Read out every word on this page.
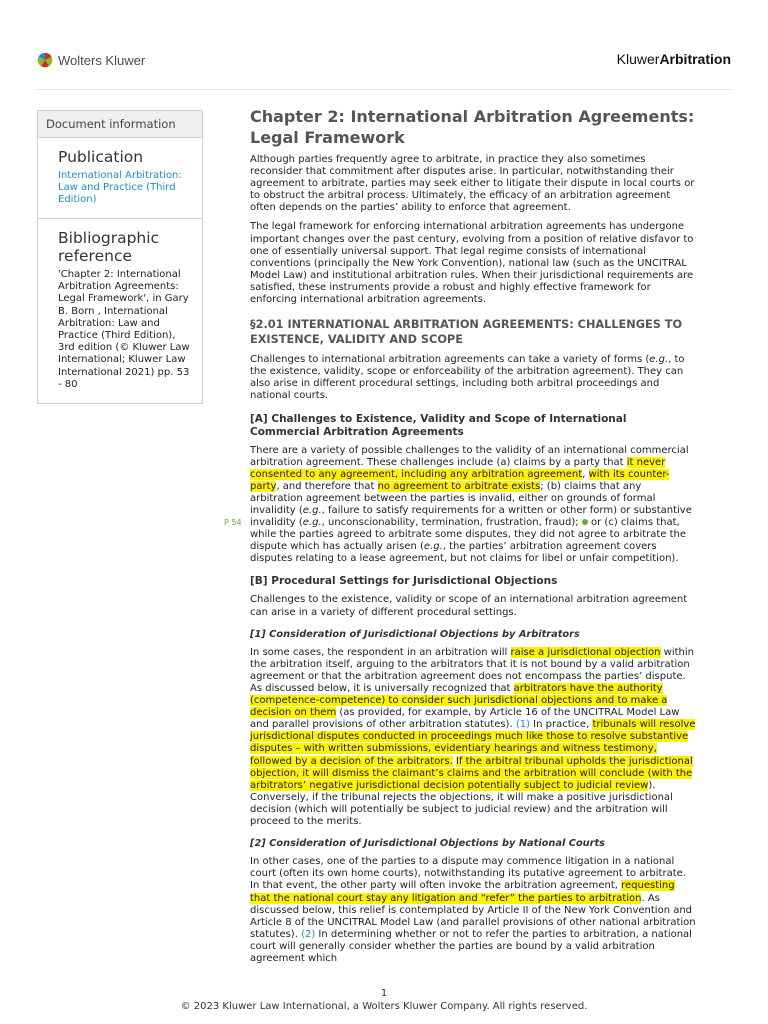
Wolters Kluwer	KluwerArbitration
Document information
Publication
International Arbitration: Law and Practice (Third Edition)
Bibliographic reference
'Chapter 2: International Arbitration Agreements: Legal Framework', in Gary B. Born , International Arbitration: Law and Practice (Third Edition), 3rd edition (© Kluwer Law International; Kluwer Law International 2021) pp. 53 - 80
Chapter 2: International Arbitration Agreements: Legal Framework

Although parties frequently agree to arbitrate, in practice they also sometimes reconsider that commitment after disputes arise. In particular, notwithstanding their agreement to arbitrate, parties may seek either to litigate their dispute in local courts or to obstruct the arbitral process. Ultimately, the efficacy of an arbitration agreement often depends on the parties’ ability to enforce that agreement.

The legal framework for enforcing international arbitration agreements has undergone important changes over the past century, evolving from a position of relative disfavor to one of essentially universal support. That legal regime consists of international conventions (principally the New York Convention), national law (such as the UNCITRAL Model Law) and institutional arbitration rules. When their jurisdictional requirements are satisfied, these instruments provide a robust and highly effective framework for enforcing international arbitration agreements.

§2.01 INTERNATIONAL ARBITRATION AGREEMENTS: CHALLENGES TO EXISTENCE, VALIDITY AND SCOPE

Challenges to international arbitration agreements can take a variety of forms (e.g., to the existence, validity, scope or enforceability of the arbitration agreement). They can also arise in different procedural settings, including both arbitral proceedings and national courts.

[A] Challenges to Existence, Validity and Scope of International Commercial Arbitration Agreements

There are a variety of possible challenges to the validity of an international commercial arbitration agreement. These challenges include (a) claims by a party that it never consented to any agreement, including any arbitration agreement, with its counter-party, and therefore that no agreement to arbitrate exists; (b) claims that any arbitration agreement between the parties is invalid, either on grounds of formal invalidity (e.g., failure to satisfy requirements for a written or other form) or substantive invalidity (e.g., unconscionability, termination, frustration, fraud);  or (c) claims that, while the parties agreed to arbitrate some disputes, they did not agree to arbitrate the dispute which has actually arisen (e.g., the parties’ arbitration agreement covers disputes relating to a lease agreement, but not claims for libel or unfair competition).
P 54

[B] Procedural Settings for Jurisdictional Objections

Challenges to the existence, validity or scope of an international arbitration agreement can arise in a variety of different procedural settings.

[1] Consideration of Jurisdictional Objections by Arbitrators

In some cases, the respondent in an arbitration will raise a jurisdictional objection within the arbitration itself, arguing to the arbitrators that it is not bound by a valid arbitration agreement or that the arbitration agreement does not encompass the parties’ dispute. As discussed below, it is universally recognized that arbitrators have the authority (competence-competence) to consider such jurisdictional objections and to make a decision on them (as provided, for example, by Article 16 of the UNCITRAL Model Law and parallel provisions of other arbitration statutes). (1) In practice, tribunals will resolve jurisdictional disputes conducted in proceedings much like those to resolve substantive disputes – with written submissions, evidentiary hearings and witness testimony, followed by a decision of the arbitrators. If the arbitral tribunal upholds the jurisdictional objection, it will dismiss the claimant’s claims and the arbitration will conclude (with the arbitrators’ negative jurisdictional decision potentially subject to judicial review). Conversely, if the tribunal rejects the objections, it will make a positive jurisdictional decision (which will potentially be subject to judicial review) and the arbitration will proceed to the merits.

[2] Consideration of Jurisdictional Objections by National Courts

In other cases, one of the parties to a dispute may commence litigation in a national court (often its own home courts), notwithstanding its putative agreement to arbitrate. In that event, the other party will often invoke the arbitration agreement, requesting that the national court stay any litigation and “refer” the parties to arbitration. As discussed below, this relief is contemplated by Article II of the New York Convention and Article 8 of the UNCITRAL Model Law (and parallel provisions of other national arbitration statutes). (2) In determining whether or not to refer the parties to arbitration, a national court will generally consider whether the parties are bound by a valid arbitration agreement which

1
© 2023 Kluwer Law International, a Wolters Kluwer Company. All rights reserved.
